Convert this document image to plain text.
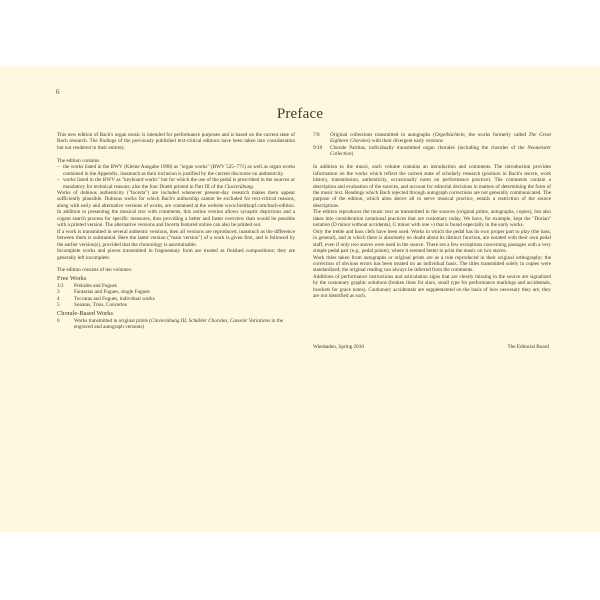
6
Preface

This new edition of Bach's organ music is intended for performance purposes and is based on the current state of Bach research. The findings of the previously published text-critical editions have been taken into consideration but not rendered in their entirety.

The edition contains

– the works listed in the BWV (Kleine Ausgabe 1998) as "organ works" (BWV 525–771) as well as organ works contained in the Appendix, inasmuch as their inclusion is justified by the current discourse on authenticity.
– works listed in the BWV as "keyboard works" but for which the use of the pedal is prescribed in the sources or mandatory for technical reasons; also the four Duetti printed in Part III of the Clavierübung.

Works of dubious authenticity ("Incerta") are included whenever present-day research makes them appear sufficiently plausible. Dubious works for which Bach's authorship cannot be excluded for text-critical reasons, along with early and alternative versions of works, are contained at the website www.breitkopf.com/bach-edition. In addition to presenting the musical text with comments, this online version allows synoptic depictions and a cogent search process for specific measures, thus providing a better and faster overview than would be possible with a printed version. The alternative versions and Incerta featured online can also be printed out.

If a work is transmitted in several authentic versions, then all versions are reproduced, inasmuch as the difference between them is substantial. Here the latest version ("main version") of a work is given first, and is followed by the earlier version(s), provided that the chronology is ascertainable.

Incomplete works and pieces transmitted in fragmentary form are treated as finished compositions; they are generally left incomplete.

The edition consists of ten volumes:

Free Works
1/2	Preludes and Fugues
3	Fantasias and Fugues, single Fugues
4	Toccatas and Fugues, individual works
5	Sonatas, Trios, Concertos
Chorale-Based Works
6	Works transmitted in original prints (Clavierübung III, Schübler Chorales, Canonic Variations in the engraved and autograph versions)
7/8	Original collections transmitted in autographs (Orgelbüchlein, the works formerly called The Great Eighteen Chorales) with their divergent early versions
9/10	Chorale Partitas, individually transmitted organ chorales (including the chorales of the Neumeister Collection)

In addition to the music, each volume contains an introduction and comments. The introduction provides information on the works which reflect the current state of scholarly research (position in Bach's œuvre, work history, transmission, authenticity, occasionally notes on performance practice). The comments contain a description and evaluation of the sources, and account for editorial decisions in matters of determining the form of the music text. Readings which Bach rejected through autograph corrections are not generally communicated. The purpose of the edition, which aims above all to serve musical practice, entails a restriction of the source descriptions.

The edition reproduces the music text as transmitted in the sources (original prints, autographs, copies), but also takes into consideration notational practices that are customary today. We have, for example, kept the "Dorian" notation (D minor without accidental, G minor with one ♭) that is found especially in the early works.

Only the treble and bass clefs have been used. Works in which the pedal has its own proper part to play (the bass, in general), and in which there is absolutely no doubt about its distinct function, are notated with their own pedal staff, even if only two staves were used in the source. There are a few exceptions concerning passages with a very simple pedal part (e.g., pedal points), where it seemed better to print the music on two staves.

Work titles taken from autographs or original prints are as a rule reproduced in their original orthography; the correction of obvious errors has been treated on an individual basis. The titles transmitted solely in copies were standardized; the original reading can always be inferred from the comments.

Additions of performance instructions and articulation signs that are clearly missing in the source are signalized by the customary graphic solutions (broken lines for slurs, small type for performance markings and accidentals, brackets for grace notes). Cautionary accidentals are supplemented on the basis of how necessary they are; they are not identified as such.

Wiesbaden, Spring 2010	The Editorial Board
